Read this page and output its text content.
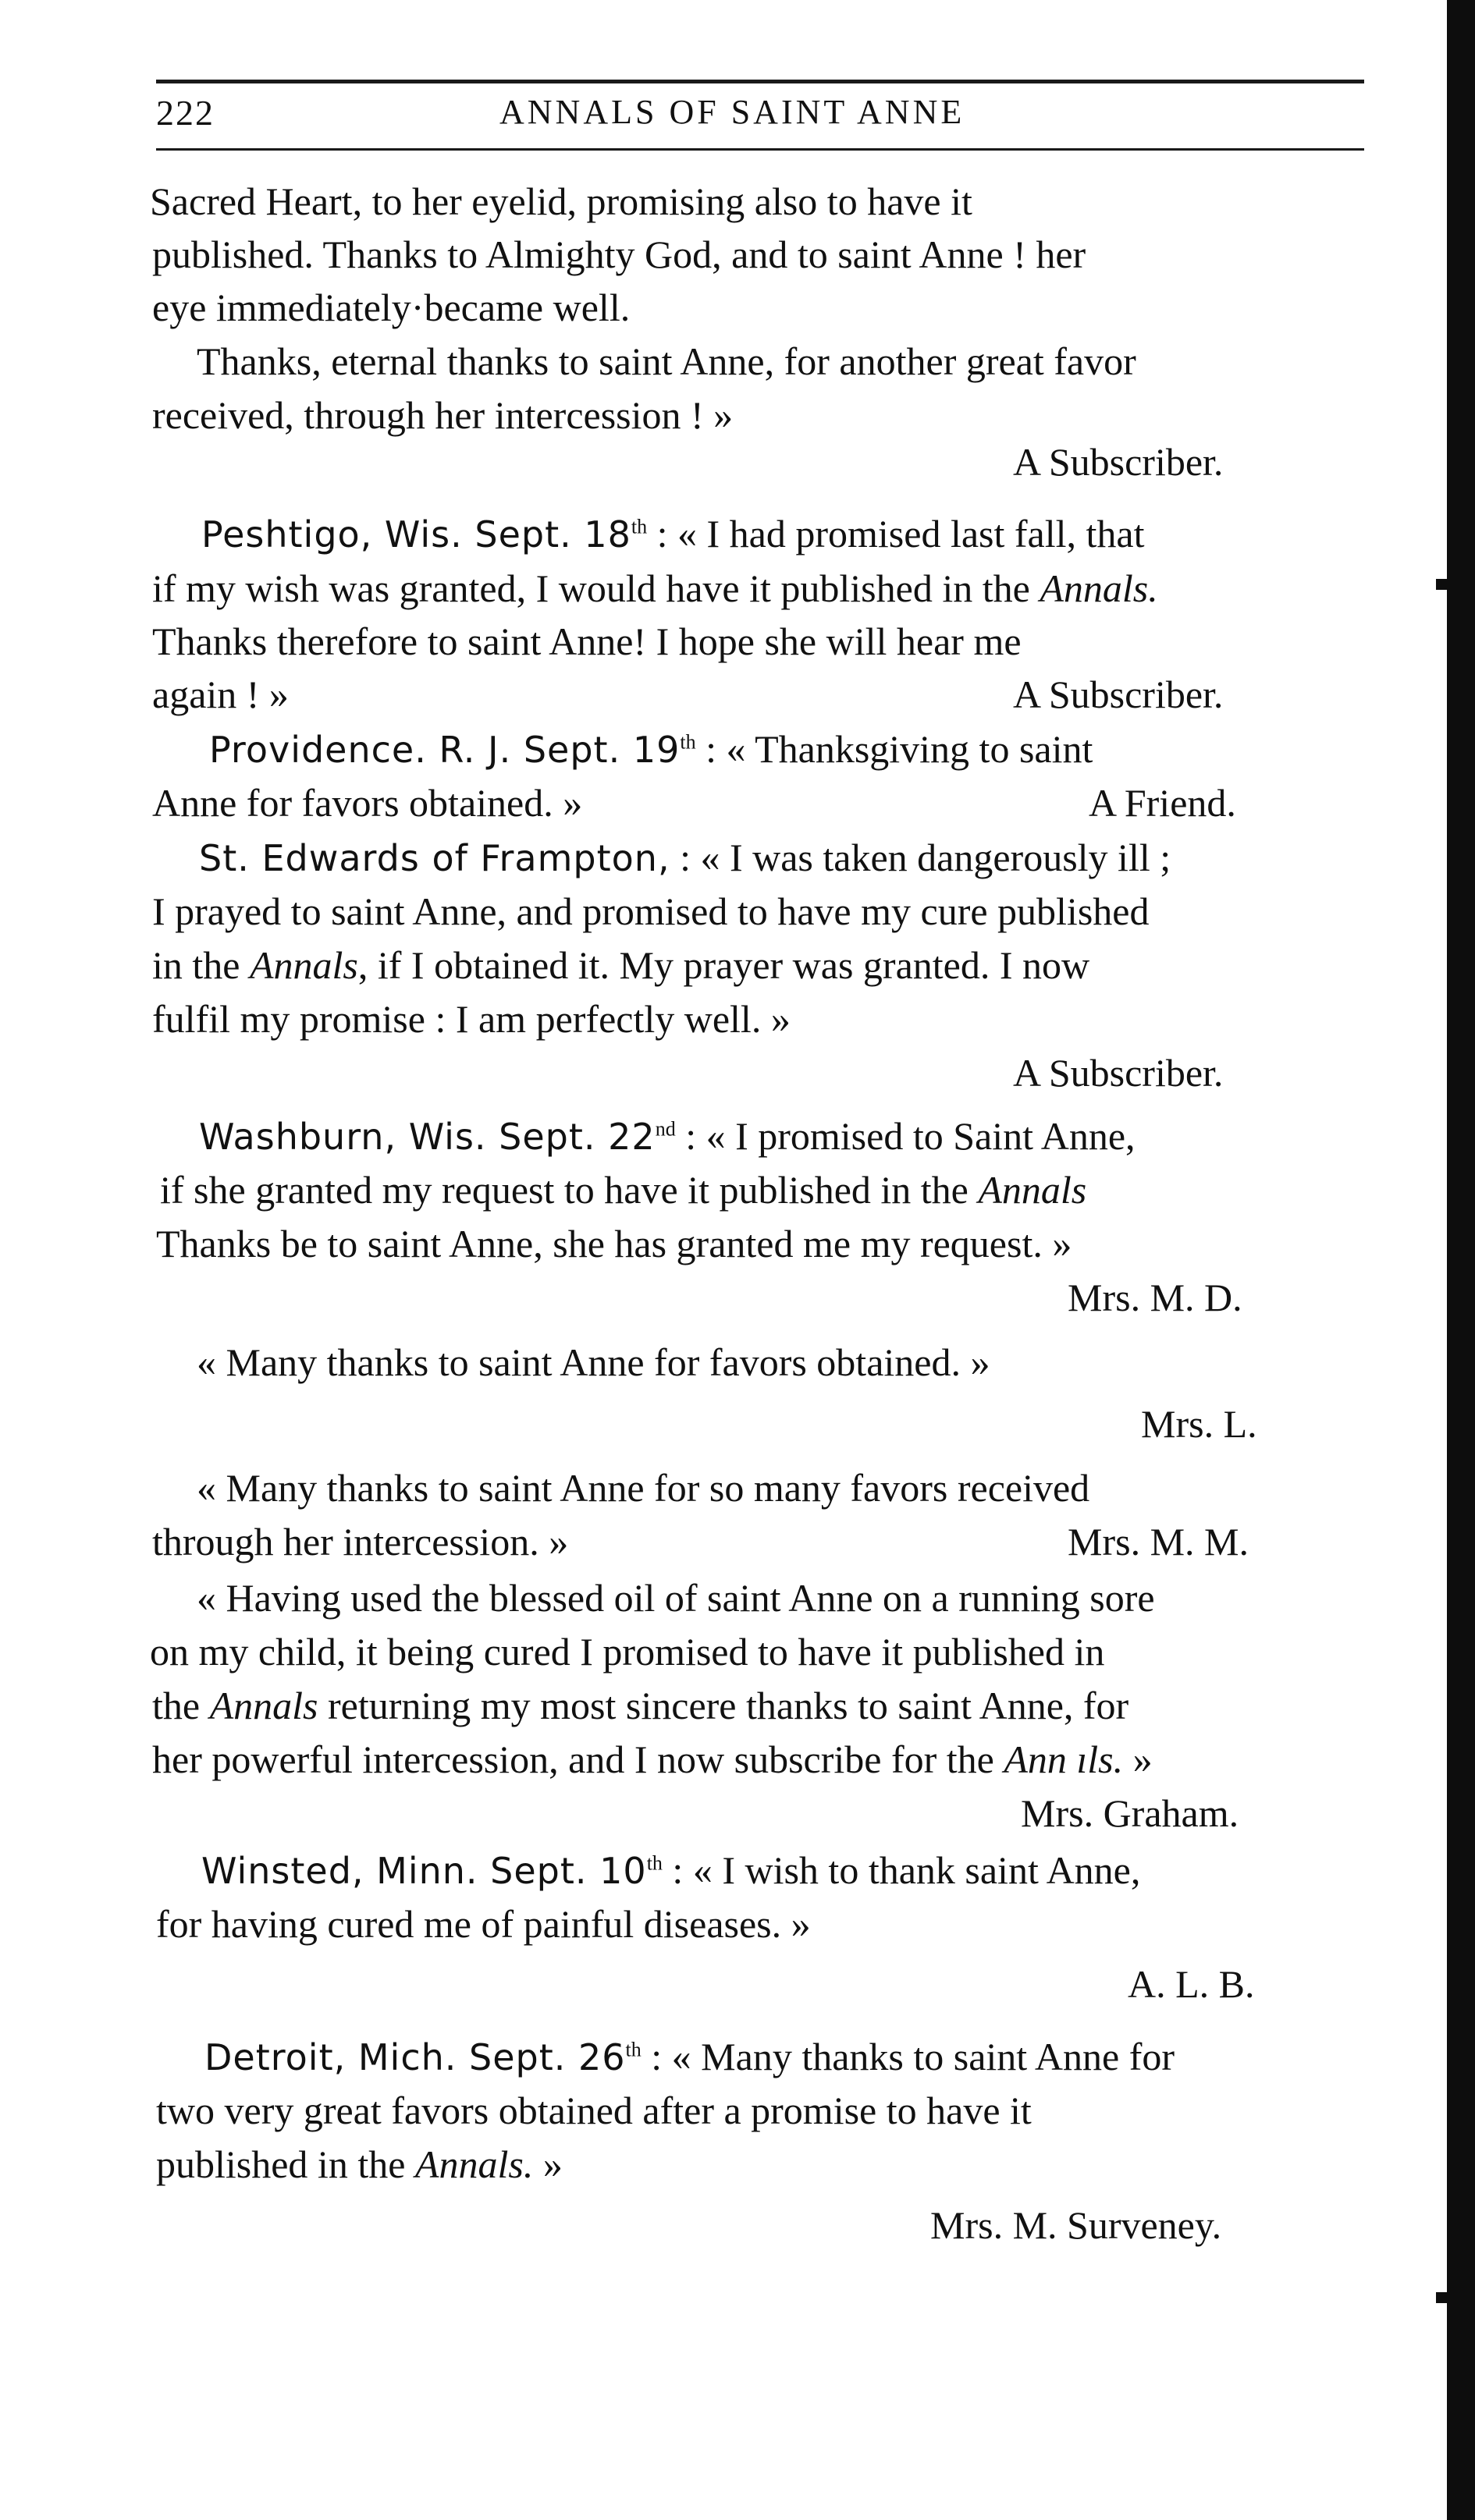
222	ANNALS OF SAINT ANNE
Sacred Heart, to her eyelid, promising also to have it
published. Thanks to Almighty God, and to saint Anne ! her
eye immediately·became well.
Thanks, eternal thanks to saint Anne, for another great favor
received, through her intercession ! »
A Subscriber.
Peshtigo, Wis. Sept. 18th : « I had promised last fall, that
if my wish was granted, I would have it published in the Annals.
Thanks therefore to saint Anne! I hope she will hear me
again ! »	A Subscriber.
Providence. R. J. Sept. 19th : « Thanksgiving to saint
Anne for favors obtained. »	A Friend.
St. Edwards of Frampton, : « I was taken dangerously ill ;
I prayed to saint Anne, and promised to have my cure published
in the Annals, if I obtained it. My prayer was granted. I now
fulfil my promise : I am perfectly well. »
A Subscriber.
Washburn, Wis. Sept. 22nd : « I promised to Saint Anne,
if she granted my request to have it published in the Annals
Thanks be to saint Anne, she has granted me my request. »
Mrs. M. D.
« Many thanks to saint Anne for favors obtained. »
Mrs. L.
« Many thanks to saint Anne for so many favors received
through her intercession. »	Mrs. M. M.
« Having used the blessed oil of saint Anne on a running sore
on my child, it being cured I promised to have it published in
the Annals returning my most sincere thanks to saint Anne, for
her powerful intercession, and I now subscribe for the Ann ıls. »
Mrs. Graham.
Winsted, Minn. Sept. 10th : « I wish to thank saint Anne,
for having cured me of painful diseases. »
A. L. B.
Detroit, Mich. Sept. 26th : « Many thanks to saint Anne for
two very great favors obtained after a promise to have it
published in the Annals. »
Mrs. M. Surveney.
